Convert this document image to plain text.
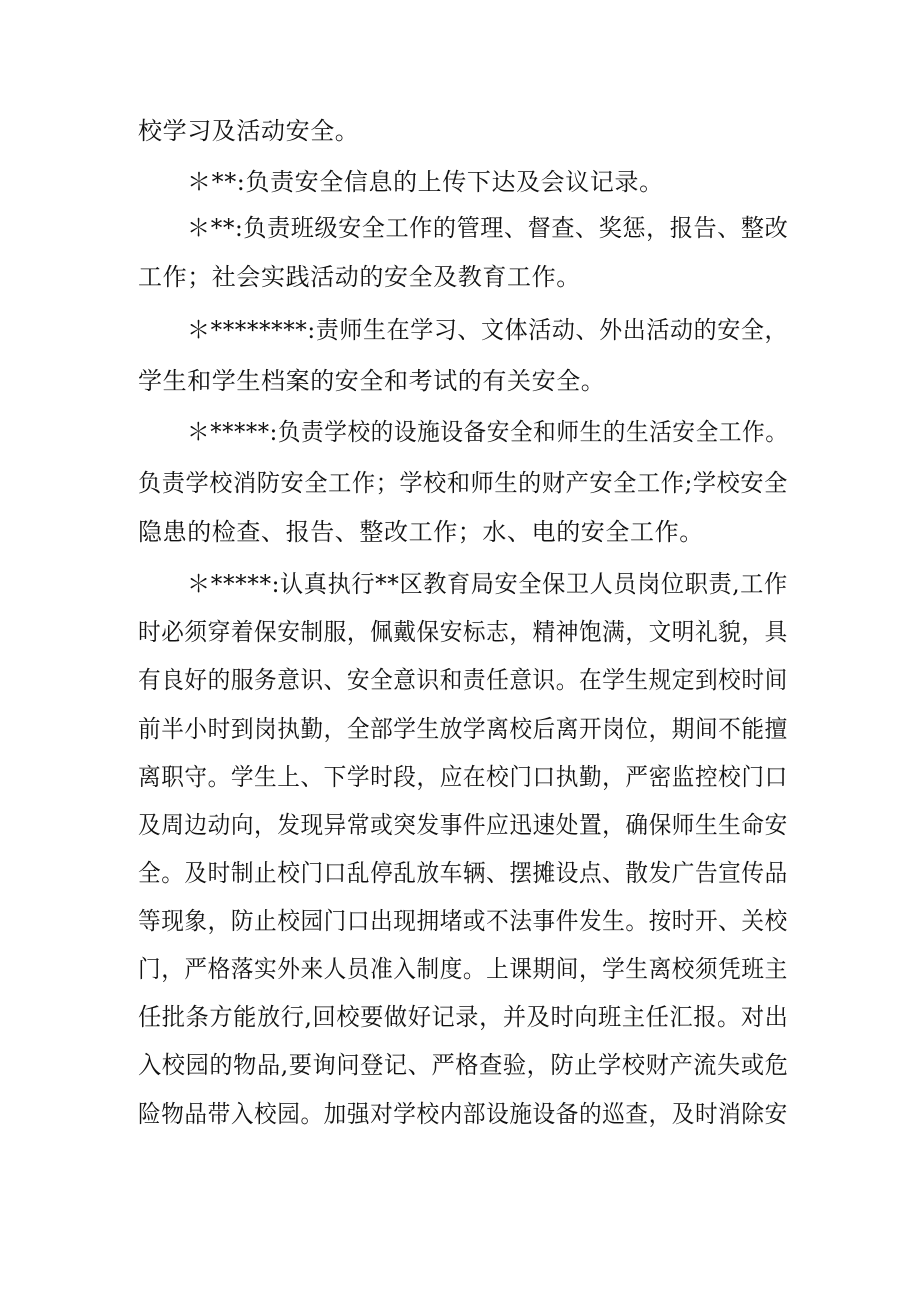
校学习及活动安全。
＊**:负责安全信息的上传下达及会议记录。
＊**:负责班级安全工作的管理、督查、奖惩，报告、整改
工作；社会实践活动的安全及教育工作。
＊********:责师生在学习、文体活动、外出活动的安全，
学生和学生档案的安全和考试的有关安全。
＊*****:负责学校的设施设备安全和师生的生活安全工作。
负责学校消防安全工作；学校和师生的财产安全工作;学校安全
隐患的检查、报告、整改工作；水、电的安全工作。
＊*****:认真执行**区教育局安全保卫人员岗位职责,工作
时必须穿着保安制服，佩戴保安标志，精神饱满，文明礼貌，具
有良好的服务意识、安全意识和责任意识。在学生规定到校时间
前半小时到岗执勤，全部学生放学离校后离开岗位，期间不能擅
离职守。学生上、下学时段，应在校门口执勤，严密监控校门口
及周边动向，发现异常或突发事件应迅速处置，确保师生生命安
全。及时制止校门口乱停乱放车辆、摆摊设点、散发广告宣传品
等现象，防止校园门口出现拥堵或不法事件发生。按时开、关校
门，严格落实外来人员准入制度。上课期间，学生离校须凭班主
任批条方能放行,回校要做好记录，并及时向班主任汇报。对出
入校园的物品,要询问登记、严格查验，防止学校财产流失或危
险物品带入校园。加强对学校内部设施设备的巡查，及时消除安
